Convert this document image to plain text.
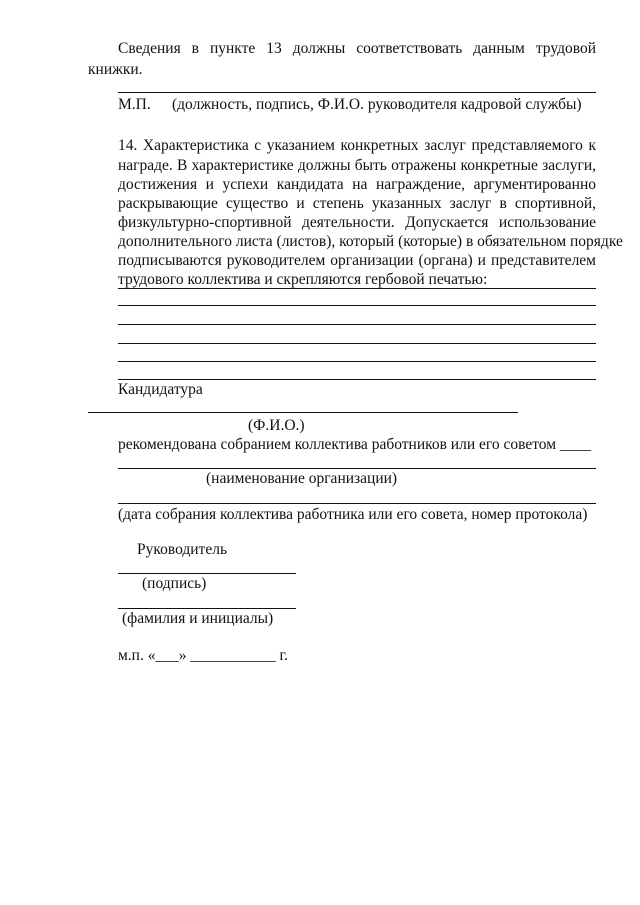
Сведения в пункте 13 должны соответствовать данным трудовой
книжки.
М.П. (должность, подпись, Ф.И.О. руководителя кадровой службы)
14. Характеристика с указанием конкретных заслуг представляемого к
награде. В характеристике должны быть отражены конкретные заслуги,
достижения и успехи кандидата на награждение, аргументированно
раскрывающие существо и степень указанных заслуг в спортивной,
физкультурно-спортивной деятельности. Допускается использование
дополнительного листа (листов), который (которые) в обязательном порядке
подписываются руководителем организации (органа) и представителем
трудового коллектива и скрепляются гербовой печатью:
Кандидатура
(Ф.И.О.)
рекомендована собранием коллектива работников или его советом ____
(наименование организации)
(дата собрания коллектива работника или его совета, номер протокола)
Руководитель
(подпись)
(фамилия и инициалы)
м.п. «___» ___________ г.
